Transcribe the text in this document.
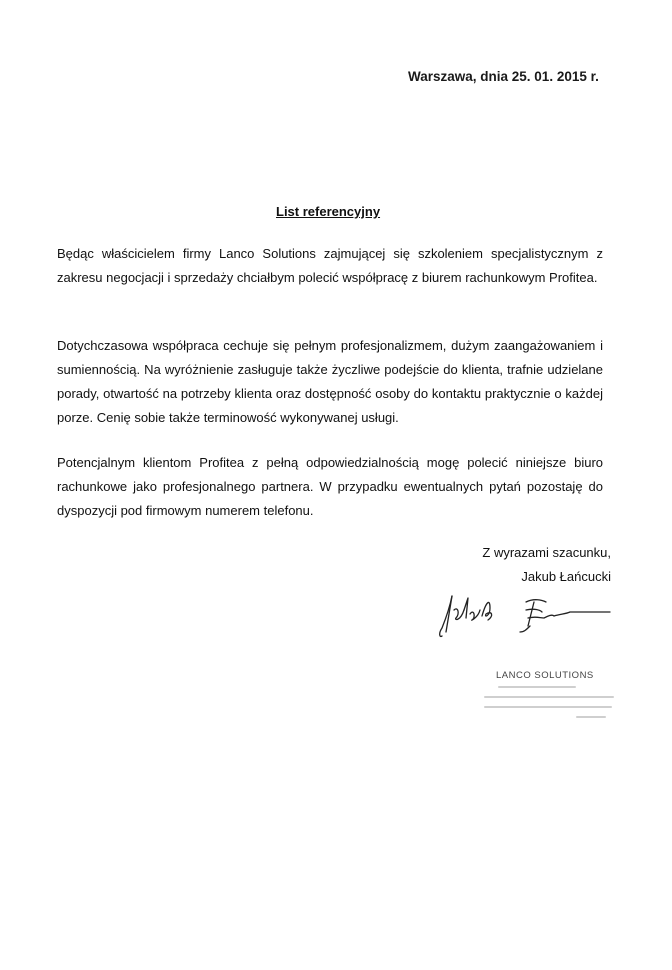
Warszawa, dnia 25. 01. 2015 r.
List referencyjny
Będąc właścicielem firmy Lanco Solutions zajmującej się szkoleniem specjalistycznym z zakresu negocjacji i sprzedaży chciałbym polecić współpracę z biurem rachunkowym Profitea.
Dotychczasowa współpraca cechuje się pełnym profesjonalizmem, dużym zaangażowaniem i sumiennością. Na wyróżnienie zasługuje także życzliwe podejście do klienta, trafnie udzielane porady, otwartość na potrzeby klienta oraz dostępność osoby do kontaktu praktycznie o każdej porze. Cenię sobie także terminowość wykonywanej usługi.
Potencjalnym klientom Profitea z pełną odpowiedzialnością mogę polecić niniejsze biuro rachunkowe jako profesjonalnego partnera. W przypadku ewentualnych pytań pozostaję do dyspozycji pod firmowym numerem telefonu.
Z wyrazami szacunku,
Jakub Łańcucki
LANCO SOLUTIONS
